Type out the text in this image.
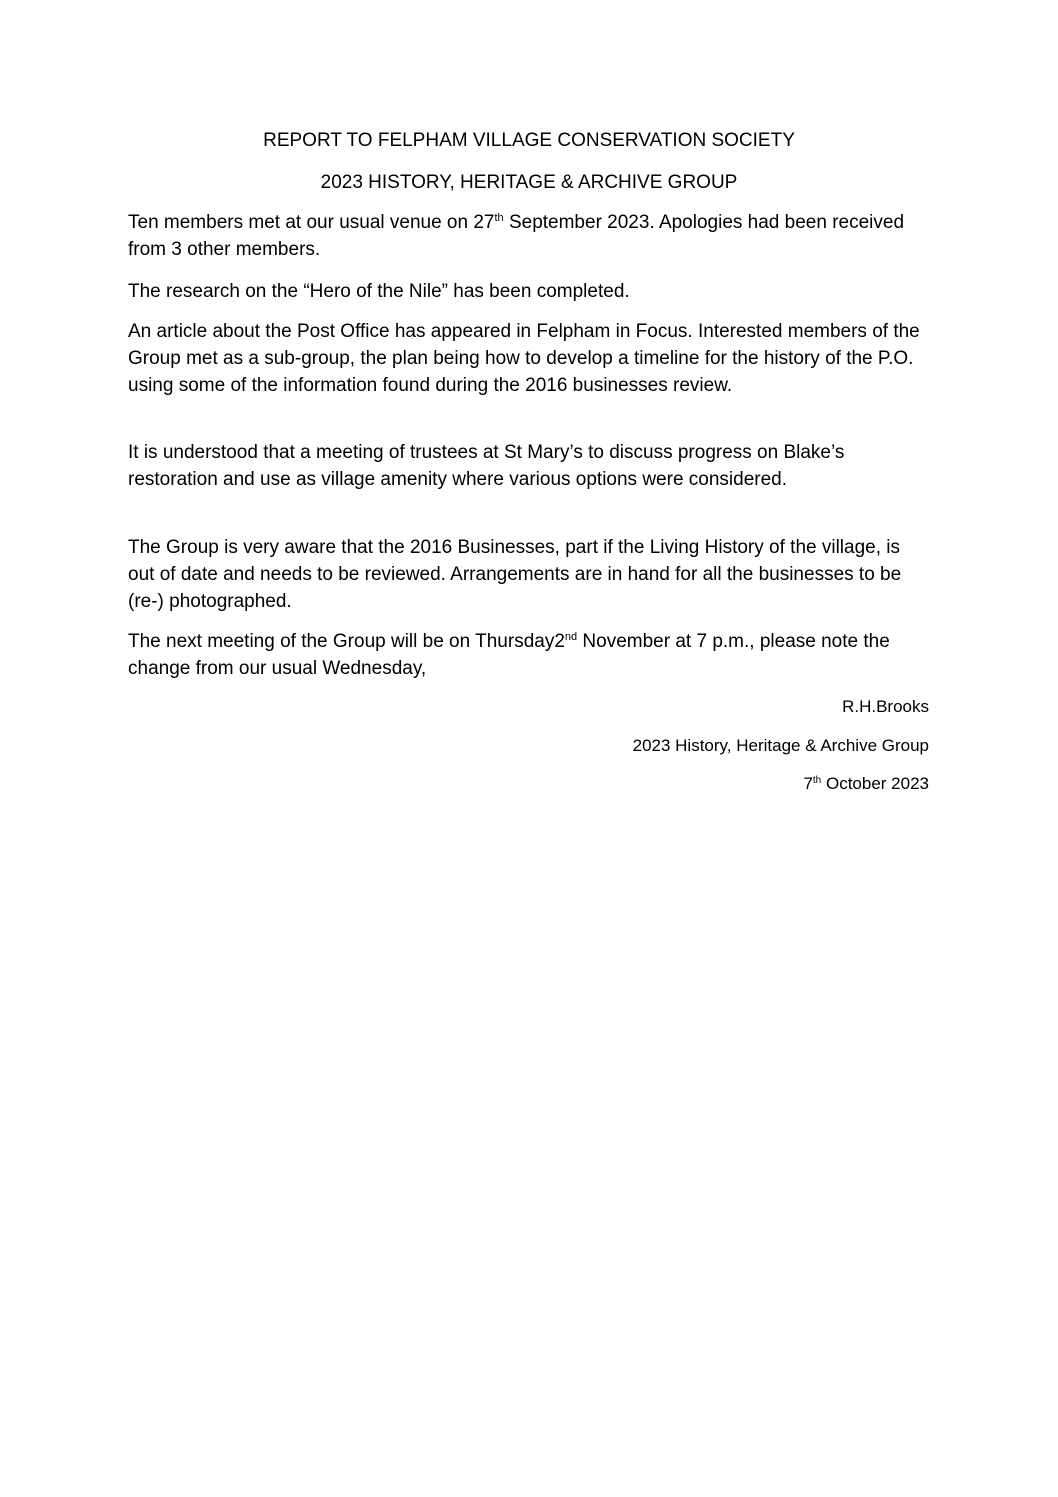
REPORT TO FELPHAM VILLAGE CONSERVATION SOCIETY
2023 HISTORY, HERITAGE & ARCHIVE GROUP

Ten members met at our usual venue on 27th September 2023. Apologies had been received from 3 other members.

The research on the “Hero of the Nile” has been completed.

An article about the Post Office has appeared in Felpham in Focus. Interested members of the Group met as a sub-group, the plan being how to develop a timeline for the history of the P.O. using some of the information found during the 2016 businesses review.

It is understood that a meeting of trustees at St Mary’s to discuss progress on Blake’s restoration and use as village amenity where various options were considered.

The Group is very aware that the 2016 Businesses, part if the Living History of the village, is out of date and needs to be reviewed. Arrangements are in hand for all the businesses to be (re-) photographed.

The next meeting of the Group will be on Thursday2nd November at 7 p.m., please note the change from our usual Wednesday,

R.H.Brooks

2023 History, Heritage & Archive Group

7th October 2023
